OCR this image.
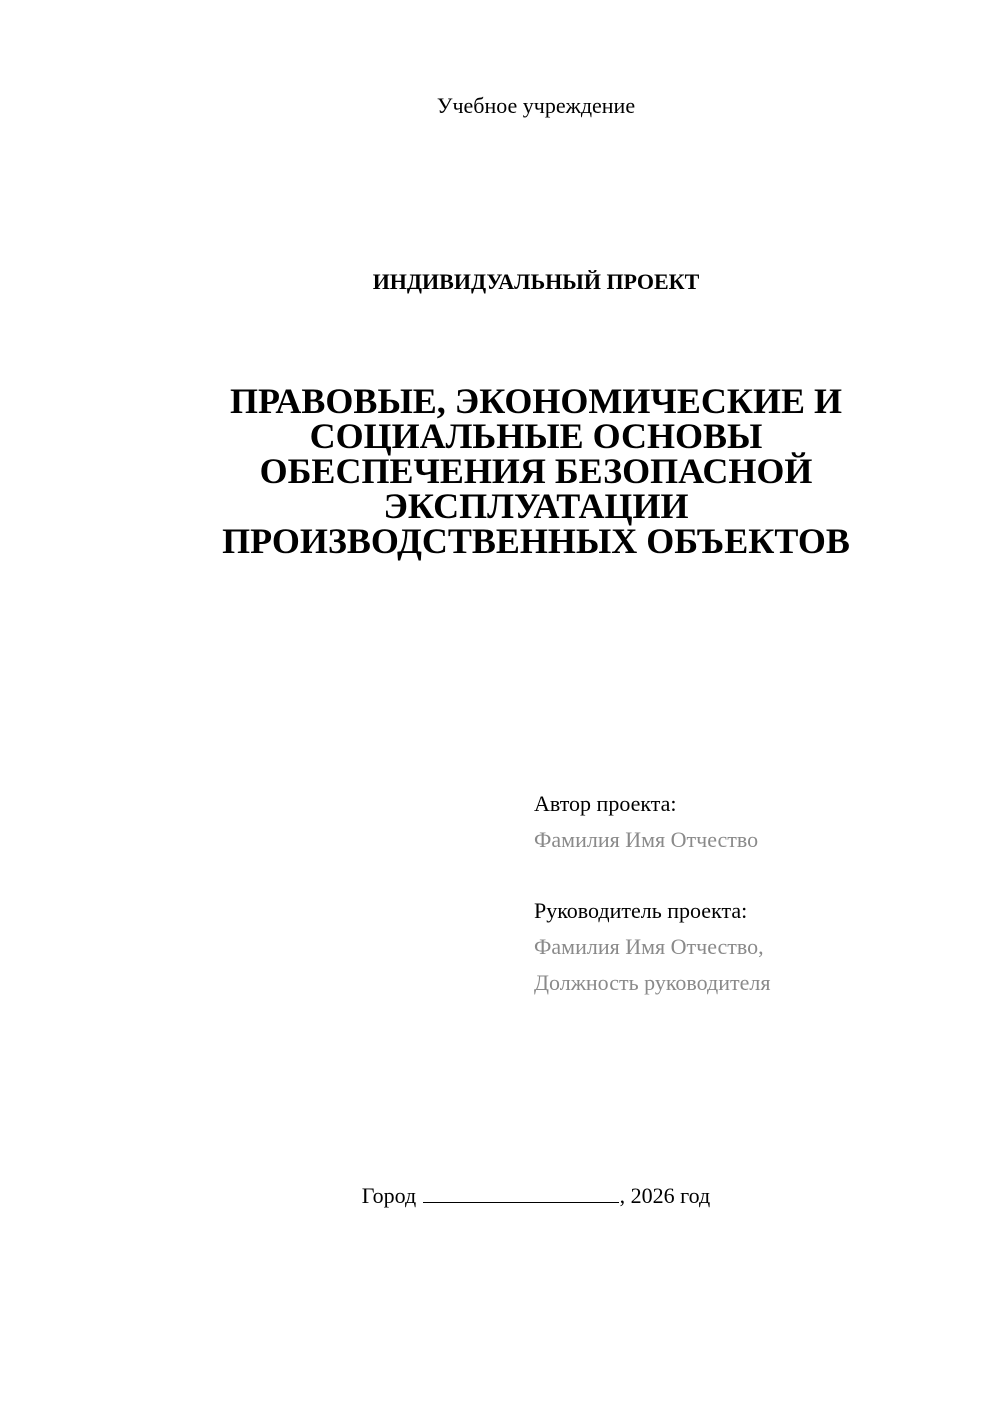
Учебное учреждение
ИНДИВИДУАЛЬНЫЙ ПРОЕКТ
ПРАВОВЫЕ, ЭКОНОМИЧЕСКИЕ И
СОЦИАЛЬНЫЕ ОСНОВЫ
ОБЕСПЕЧЕНИЯ БЕЗОПАСНОЙ
ЭКСПЛУАТАЦИИ
ПРОИЗВОДСТВЕННЫХ ОБЪЕКТОВ
Автор проекта:
Фамилия Имя Отчество
Руководитель проекта:
Фамилия Имя Отчество,
Должность руководителя
Город	, 2026 год
